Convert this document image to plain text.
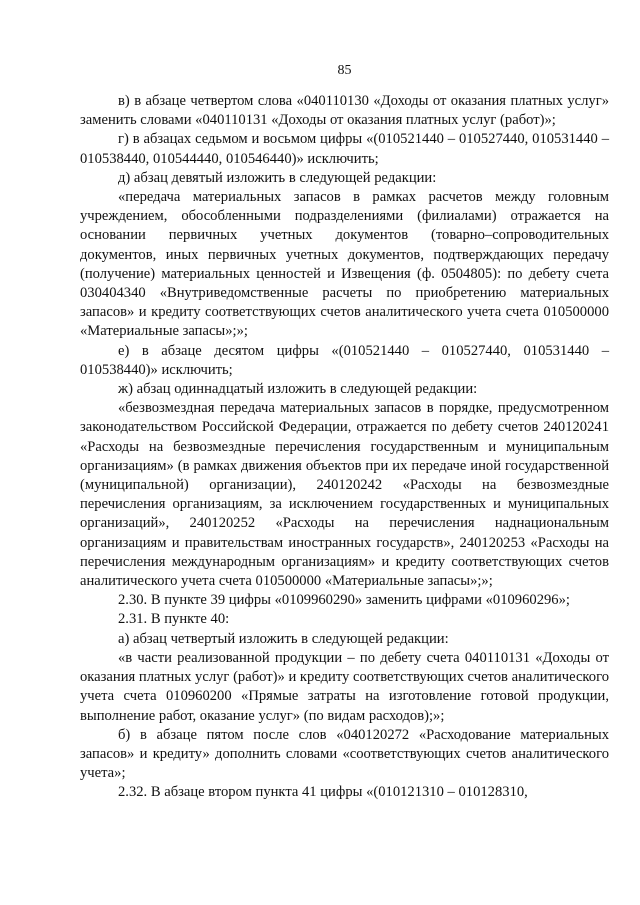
85

в) в абзаце четвертом слова «040110130 «Доходы от оказания платных услуг» заменить словами «040110131 «Доходы от оказания платных услуг (работ)»;

г) в абзацах седьмом и восьмом цифры «(010521440 – 010527440, 010531440 – 010538440, 010544440, 010546440)» исключить;

д) абзац девятый изложить в следующей редакции:

«передача материальных запасов в рамках расчетов между головным учреждением, обособленными подразделениями (филиалами) отражается на основании первичных учетных документов (товарно–сопроводительных документов, иных первичных учетных документов, подтверждающих передачу (получение) материальных ценностей и Извещения (ф. 0504805): по дебету счета 030404340 «Внутриведомственные расчеты по приобретению материальных запасов» и кредиту соответствующих счетов аналитического учета счета 010500000 «Материальные запасы»;»;

е) в абзаце десятом цифры «(010521440 – 010527440, 010531440 – 010538440)» исключить;

ж) абзац одиннадцатый изложить в следующей редакции:

«безвозмездная передача материальных запасов в порядке, предусмотренном законодательством Российской Федерации, отражается по дебету счетов 240120241 «Расходы на безвозмездные перечисления государственным и муниципальным организациям» (в рамках движения объектов при их передаче иной государственной (муниципальной) организации), 240120242 «Расходы на безвозмездные перечисления организациям, за исключением государственных и муниципальных организаций», 240120252 «Расходы на перечисления наднациональным организациям и правительствам иностранных государств», 240120253 «Расходы на перечисления международным организациям» и кредиту соответствующих счетов аналитического учета счета 010500000 «Материальные запасы»;»;

2.30. В пункте 39 цифры «0109960290» заменить цифрами «010960296»;

2.31. В пункте 40:

а) абзац четвертый изложить в следующей редакции:

«в части реализованной продукции – по дебету счета 040110131 «Доходы от оказания платных услуг (работ)» и кредиту соответствующих счетов аналитического учета счета 010960200 «Прямые затраты на изготовление готовой продукции, выполнение работ, оказание услуг» (по видам расходов);»;

б) в абзаце пятом после слов «040120272 «Расходование материальных запасов» и кредиту» дополнить словами «соответствующих счетов аналитического учета»;

2.32. В абзаце втором пункта 41 цифры «(010121310 – 010128310,
